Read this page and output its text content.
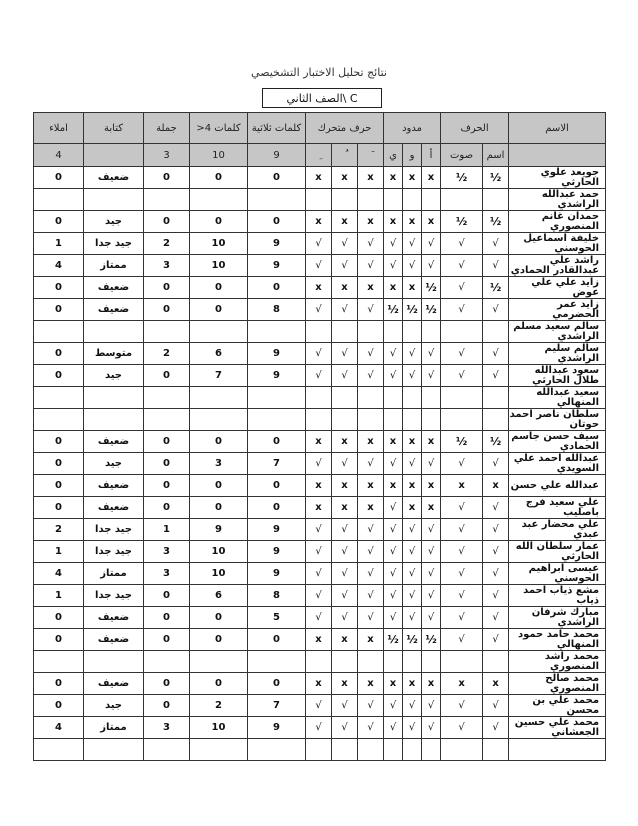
نتائج تحليل الاختبار التشخيصي
الصف الثاني\ C
الاسم	الحرف		مدود			حرف متحرك			كلمات ثلاثية	كلمات 4<	جملة	كتابة	املاء
	اسم	صوت	أ	و	ي				9	10	3		4
جويعد علوي الحارثي	½	½	x	x	x	x	x	x	0	0	0	ضعيف	0
حمد عبدالله الراشدي													
حمدان غانم المنصوري	½	½	x	x	x	x	x	x	0	0	0	جيد	0
خليفة اسماعيل الحوسني	√	√	√	√	√	√	√	√	9	10	2	جيد جدا	1
راشد علي عبدالقادر الحمادي	√	√	√	√	√	√	√	√	9	10	3	ممتاز	4
زايد علي علي عوض	½	√	½	x	x	x	x	x	0	0	0	ضعيف	0
زايد عمر الحضرمي	√	√	½	½	½	√	√	√	8	0	0	ضعيف	0
سالم سعيد مسلم الراشدي													
سالم سليم الراشدي	√	√	√	√	√	√	√	√	9	6	2	متوسط	0
سعود عبدالله طلال الحارثي	√	√	√	√	√	√	√	√	9	7	0	جيد	0
سعيد عبدالله المنهالي													
سلطان ناصر احمد حوتان													
سيف حسن جاسم الحمادي	½	½	x	x	x	x	x	x	0	0	0	ضعيف	0
عبدالله احمد علي السويدي	√	√	√	√	√	√	√	√	7	3	0	جيد	0
عبدالله علي حسن	x	x	x	x	x	x	x	x	0	0	0	ضعيف	0
علي سعيد فرج باصليب	√	√	x	x	√	x	x	x	0	0	0	ضعيف	0
علي محضار عبد عبدي	√	√	√	√	√	√	√	√	9	9	1	جيد جدا	2
عمار سلطان الله الحارثي	√	√	√	√	√	√	√	√	9	10	3	جيد جدا	1
عيسى ابراهيم الحوسني	√	√	√	√	√	√	√	√	9	10	3	ممتاز	4
مشع ذياب احمد ذياب	√	√	√	√	√	√	√	√	8	6	0	جيد جدا	1
مبارك شرفان الراشدي	√	√	√	√	√	√	√	√	5	0	0	ضعيف	0
محمد حامد حمود المنهالي	√	√	½	½	½	x	x	x	0	0	0	ضعيف	0
محمد راشد المنصوري													
محمد صالح المنصوري	x	x	x	x	x	x	x	x	0	0	0	ضعيف	0
محمد علي بن محسن	√	√	√	√	√	√	√	√	7	2	0	جيد	0
محمد علي حسين الجعشاني	√	√	√	√	√	√	√	√	9	10	3	ممتاز	4
